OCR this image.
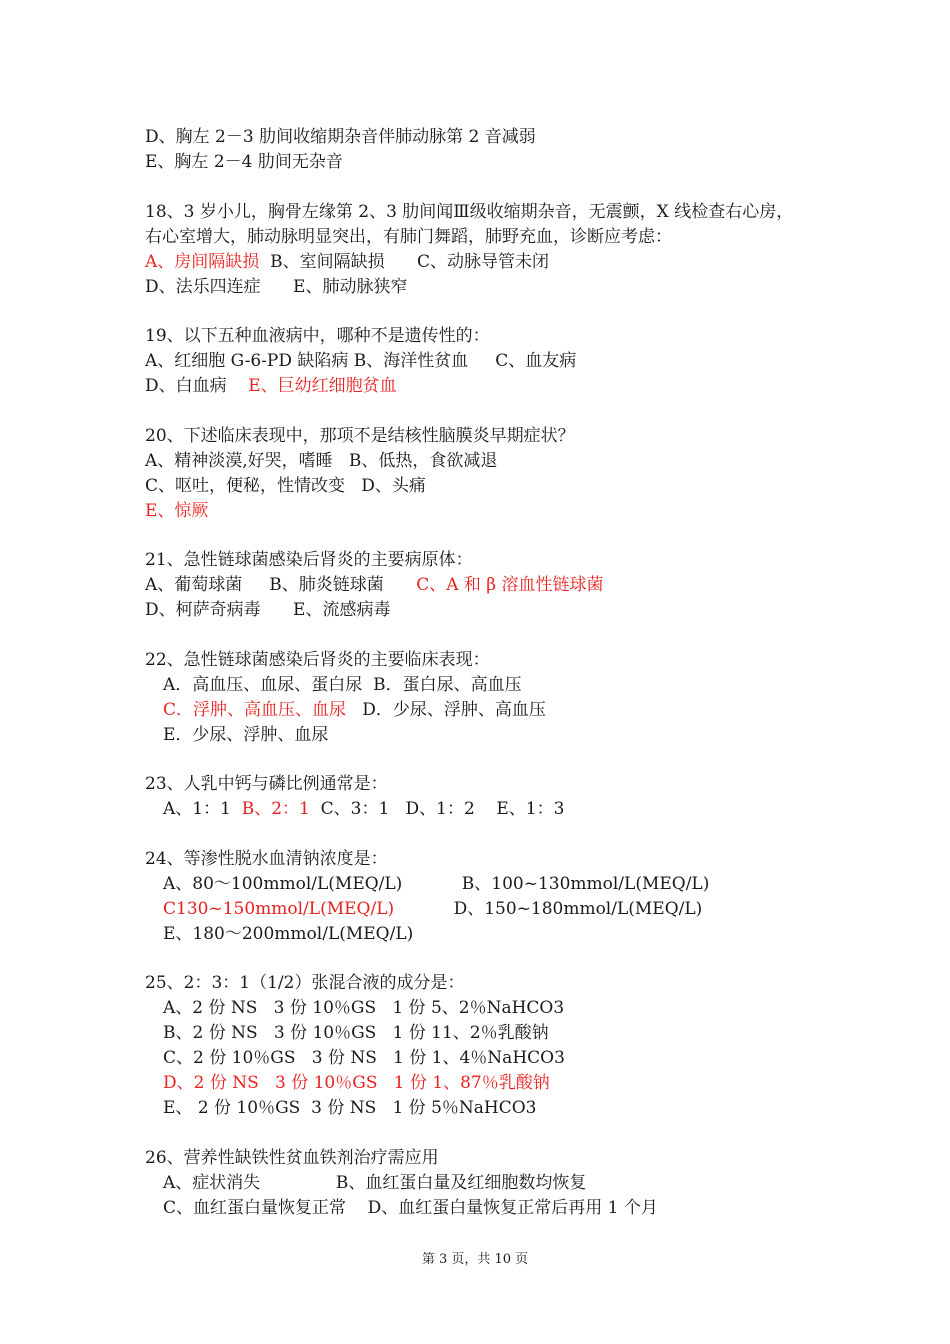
D、胸左 2－3 肋间收缩期杂音伴肺动脉第 2 音减弱
E、胸左 2－4 肋间无杂音
18、3 岁小儿，胸骨左缘第 2、3 肋间闻Ⅲ级收缩期杂音，无震颤，X 线检查右心房，
右心室增大，肺动脉明显突出，有肺门舞蹈，肺野充血，诊断应考虑：
A、房间隔缺损  B、室间隔缺损      C、动脉导管未闭
D、法乐四连症      E、肺动脉狭窄
19、以下五种血液病中，哪种不是遗传性的：
A、红细胞 G-6-PD 缺陷病 B、海洋性贫血     C、血友病
D、白血病    E、巨幼红细胞贫血
20、下述临床表现中，那项不是结核性脑膜炎早期症状？
A、精神淡漠,好哭，嗜睡   B、低热，食欲减退
C、呕吐，便秘，性情改变   D、头痛
E、惊厥
21、急性链球菌感染后肾炎的主要病原体：
A、葡萄球菌     B、肺炎链球菌      C、A 和 β 溶血性链球菌
D、柯萨奇病毒      E、流感病毒
22、急性链球菌感染后肾炎的主要临床表现：
A．高血压、血尿、蛋白尿  B．蛋白尿、高血压
C．浮肿、高血压、血尿   D．少尿、浮肿、高血压
E．少尿、浮肿、血尿
23、人乳中钙与磷比例通常是：
A、1：1  B、2：1  C、3：1   D、1：2    E、1：3
24、等渗性脱水血清钠浓度是：
A、80～100mmol/L(MEQ/L)           B、100~130mmol/L(MEQ/L)
C130~150mmol/L(MEQ/L)           D、150~180mmol/L(MEQ/L)
E、180～200mmol/L(MEQ/L)
25、2：3：1（1/2）张混合液的成分是：
A、2 份 NS   3 份 10％GS   1 份 5、2％NaHCO3
B、2 份 NS   3 份 10％GS   1 份 11、2％乳酸钠
C、2 份 10％GS   3 份 NS   1 份 1、4％NaHCO3
D、2 份 NS   3 份 10％GS   1 份 1、87％乳酸钠
E、 2 份 10％GS  3 份 NS   1 份 5％NaHCO3
26、营养性缺铁性贫血铁剂治疗需应用
A、症状消失              B、血红蛋白量及红细胞数均恢复
C、血红蛋白量恢复正常    D、血红蛋白量恢复正常后再用 1 个月
第 3 页，共 10 页
